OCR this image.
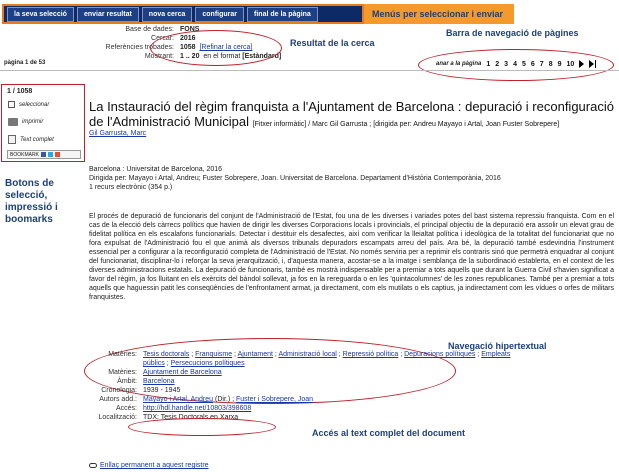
la seva selecció	enviar resultat	nova cerca	configurar	final de la pàgina	Menús per seleccionar i enviar
Base de dades: FONS
Cercar: 2016
Referències trobades: 1058
[Refinar la cerca]
Mostrant: 1 .. 20
en el format
[Estàndard]
Resultat de la cerca
pàgina 1 de 53
Barra de navegació de pàgines
anar a la pàgina 1 2 3 4 5 6 7 8 9 10
1 / 1058
seleccionar
imprimir
Text complet
BOOKMARK
Botons de
selecció,
impressió i
boomarks
La Instauració del règim franquista a l'Ajuntament de Barcelona : depuració i reconfiguració de l'Administració Municipal [Fitxer informàtic] / Marc Gil Garrusta ; [dirigida per: Andreu Mayayo i Artal, Joan Fuster Sobrepere]
Gil Garrusta, Marc
Barcelona : Universitat de Barcelona, 2016
Dirigida per: Mayayo i Artal, Andreu; Fuster Sobrepere, Joan. Universitat de Barcelona. Departament d'Història Contemporània, 2016
1 recurs electrònic (354 p.)
El procés de depuració de funcionaris del conjunt de l'Administració de l'Estat, fou una de les diverses i variades potes del bast sistema repressiu franquista. Com en el cas de la elecció dels càrrecs polítics que havien de dirigir les diverses Corporacions locals i provincials, el principal objectiu de la depuració era assolir un elevat grau de fidelitat política en els escalafons funcionarials. Detectar i destituir els desafectes, així com verificar la lleialtat política i ideològica de la totalitat del funcionariat que no fora expulsat de l'Administració fou el que animà als diversos tribunals depuradors escampats arreu del país. Ara bé, la depuració també esdevindria l'instrument essencial per a configurar a la reconfiguració completa de l'Administració de l'Estat. No només serviria per a reprimir els contraris sinó que permetrà enquadrar al conjunt del funcionariat, disciplinar-lo i reforçar la seva jerarquització, i, d'aquesta manera, acostar-se a la imatge i semblança de la subordinació establerta, en el context de les diverses administracions estatals. La depuració de funcionaris, també es mostrà indispensable per a premiar a tots aquells que durant la Guerra Civil s'havien significat a favor del règim, ja fos lluitant en els exèrcits del bàndol sollevat, ja fos en la rereguarda o en les 'quintacolumnes' de les zones republicanes. També per a premiar a tots aquells que haguessin patit les conseqüències de l'enfrontament armat, ja directament, com els mutilats o els captius, ja indirectament com les vídues o orfes de militars franquistes.
Navegació hipertextual
Matèries: Tesis doctorals ; Franquisme ; Ajuntament ; Administració local ; Repressió política ; Depuracions polítiques ; Empleats públics ; Persecucions polítiques
Matèries: Ajuntament de Barcelona
Àmbit: Barcelona
Cronologia: 1939 - 1945
Autors add.: Mayayo i Artal, Andreu (Dir.) ; Fuster i Sobrepere, Joan
Accés: http://hdl.handle.net/10803/398608
Localització: TDX: Tesis Doctorals en Xarxa
Accés al text complet del document
Enllaç permanent a aquest registre
